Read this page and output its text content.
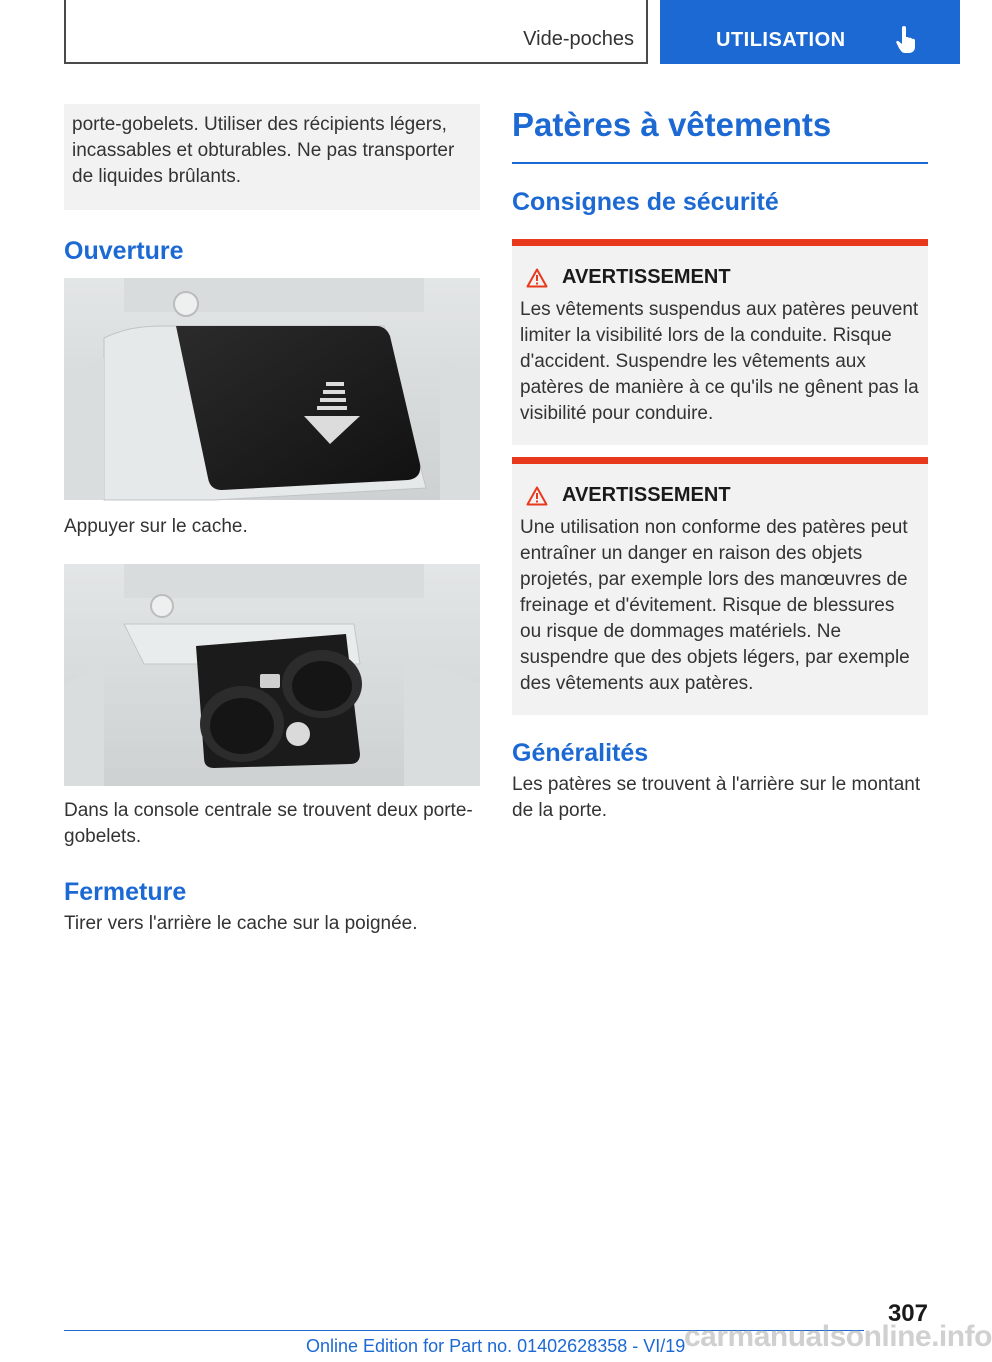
Vide-poches	UTILISATION
porte-gobelets. Utiliser des récipients légers, incassables et obturables. Ne pas transporter de liquides brûlants.
Ouverture

Appuyer sur le cache.

Dans la console centrale se trouvent deux porte-gobelets.

Fermeture

Tirer vers l'arrière le cache sur la poignée.

Patères à vêtements
Consignes de sécurité
AVERTISSEMENT
Les vêtements suspendus aux patères peuvent limiter la visibilité lors de la conduite. Risque d'accident. Suspendre les vêtements aux patères de manière à ce qu'ils ne gênent pas la visibilité pour conduire.
AVERTISSEMENT
Une utilisation non conforme des patères peut entraîner un danger en raison des objets projetés, par exemple lors des manœuvres de freinage et d'évitement. Risque de blessures ou risque de dommages matériels. Ne suspendre que des objets légers, par exemple des vêtements aux patères.
Généralités

Les patères se trouvent à l'arrière sur le montant de la porte.

307
Online Edition for Part no. 01402628358 - VI/19
carmanualsonline.info
